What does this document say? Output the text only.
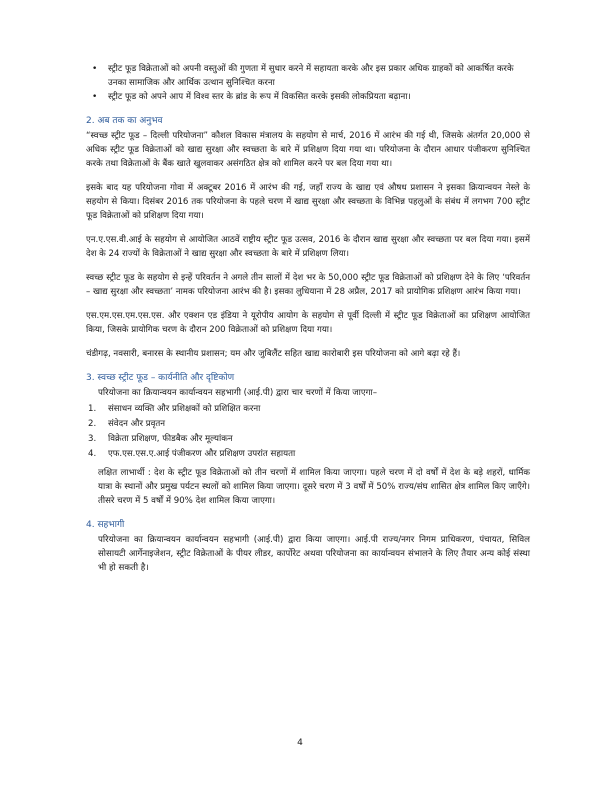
• स्ट्रीट फूड विक्रेताओं को अपनी वस्तुओं की गुणता में सुधार करने में सहायता करके और इस प्रकार अधिक ग्राहकों को आकर्षित करके उनका सामाजिक और आर्थिक उत्थान सुनिश्चित करना
• स्ट्रीट फूड को अपने आप में विश्व स्तर के ब्रांड के रूप में विकसित करके इसकी लोकप्रियता बढ़ाना।
2. अब तक का अनुभव

“स्वच्छ स्ट्रीट फूड – दिल्ली परियोजना” कौशल विकास मंत्रालय के सहयोग से मार्च, 2016 में आरंभ की गई थी, जिसके अंतर्गत 20,000 से अधिक स्ट्रीट फूड विक्रेताओं को खाद्य सुरक्षा और स्वच्छता के बारे में प्रशिक्षण दिया गया था। परियोजना के दौरान आधार पंजीकरण सुनिश्चित करके तथा विक्रेताओं के बैंक खाते खुलवाकर असंगठित क्षेत्र को शामिल करने पर बल दिया गया था।

इसके बाद यह परियोजना गोवा में अक्टूबर 2016 में आरंभ की गई, जहाँ राज्य के खाद्य एवं औषध प्रशासन ने इसका क्रियान्वयन नेस्ले के सहयोग से किया। दिसंबर 2016 तक परियोजना के पहले चरण में खाद्य सुरक्षा और स्वच्छता के विभिन्न पहलुओं के संबंध में लगभग 700 स्ट्रीट फूड विक्रेताओं को प्रशिक्षण दिया गया।

एन.ए.एस.वी.आई के सहयोग से आयोजित आठवें राष्ट्रीय स्ट्रीट फूड उत्सव, 2016 के दौरान खाद्य सुरक्षा और स्वच्छता पर बल दिया गया। इसमें देश के 24 राज्यों के विक्रेताओं ने खाद्य सुरक्षा और स्वच्छता के बारे में प्रशिक्षण लिया।

स्वच्छ स्ट्रीट फूड के सहयोग से इन्हें परिवर्तन ने अगले तीन सालों में देश भर के 50,000 स्ट्रीट फूड विक्रेताओं को प्रशिक्षण देने के लिए ‘परिवर्तन – खाद्य सुरक्षा और स्वच्छता’ नामक परियोजना आरंभ की है। इसका लुधियाना में 28 अप्रैल, 2017 को प्रायोगिक प्रशिक्षण आरंभ किया गया।

एस.एम.एस.एम.एस.एस. और एक्शन एड इंडिया ने यूरोपीय आयोग के सहयोग से पूर्वी दिल्ली में स्ट्रीट फूड विक्रेताओं का प्रशिक्षण आयोजित किया, जिसके प्रायोगिक चरण के दौरान 200 विक्रेताओं को प्रशिक्षण दिया गया।

चंडीगढ़, नवसारी, बनारस के स्थानीय प्रशासन; यम और जुबिलैंट सहित खाद्य कारोबारी इस परियोजना को आगे बढ़ा रहे हैं।

3. स्वच्छ स्ट्रीट फूड – कार्यनीति और दृष्टिकोण

परियोजना का क्रियान्वयन कार्यान्वयन सहभागी (आई.पी) द्वारा चार चरणों में किया जाएगा–

1. संसाधन व्यक्ति और प्रशिक्षकों को प्रशिक्षित करना
2. संवेदन और प्रवृतन
3. विक्रेता प्रशिक्षण, फीडबैक और मूल्यांकन
4. एफ.एस.एस.ए.आई पंजीकरण और प्रशिक्षण उपरांत सहायता

लक्षित लाभार्थी : देश के स्ट्रीट फूड विक्रेताओं को तीन चरणों में शामिल किया जाएगा। पहले चरण में दो वर्षों में देश के बड़े शहरों, धार्मिक यात्रा के स्थानों और प्रमुख पर्यटन स्थलों को शामिल किया जाएगा। दूसरे चरण में 3 वर्षों में 50% राज्य/संघ शासित क्षेत्र शामिल किए जाएँगे। तीसरे चरण में 5 वर्षों में 90% देश शामिल किया जाएगा।

4. सहभागी

परियोजना का क्रियान्वयन कार्यान्वयन सहभागी (आई.पी) द्वारा किया जाएगा। आई.पी राज्य/नगर निगम प्राधिकरण, पंचायत, सिविल सोसायटी आर्गेनाइजेशन, स्ट्रीट विक्रेताओं के पीयर लीडर, कार्पोरेट अथवा परियोजना का कार्यान्वयन संभालने के लिए तैयार अन्य कोई संस्था भी हो सकती है।

4
